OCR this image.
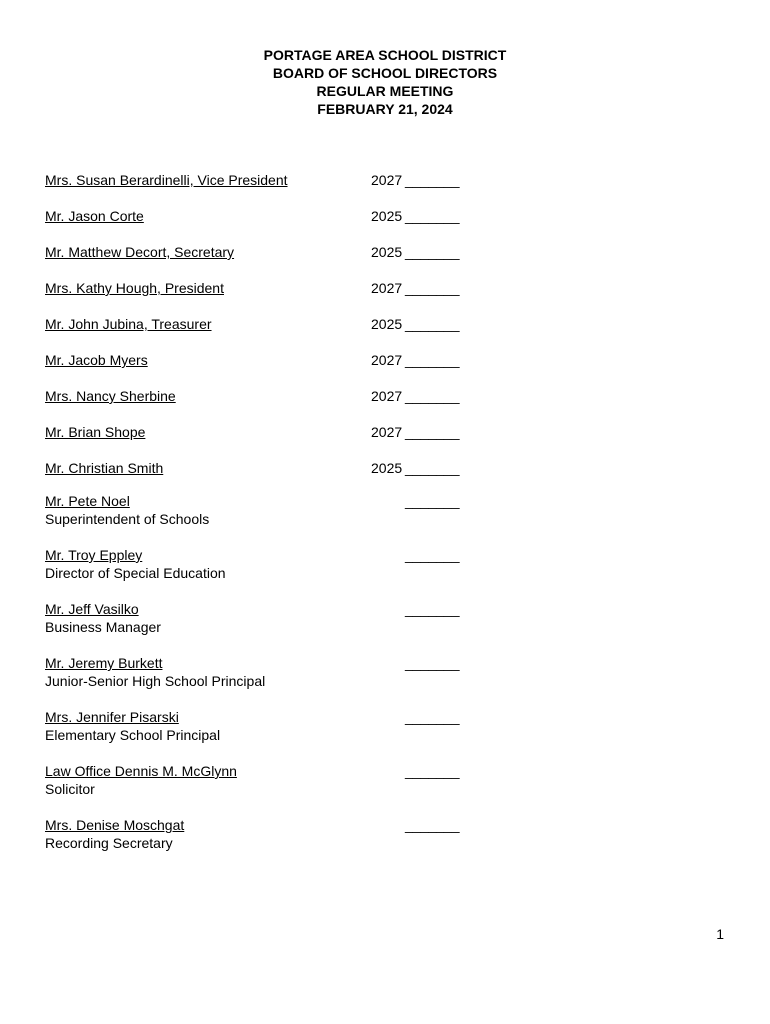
PORTAGE AREA SCHOOL DISTRICT
BOARD OF SCHOOL DIRECTORS
REGULAR MEETING
FEBRUARY 21, 2024
Mrs. Susan Berardinelli, Vice President	2027 _______
Mr. Jason Corte	2025 _______
Mr. Matthew Decort, Secretary	2025 _______
Mrs. Kathy Hough, President	2027 _______
Mr. John Jubina, Treasurer	2025 _______
Mr. Jacob Myers	2027 _______
Mrs. Nancy Sherbine	2027 _______
Mr. Brian Shope	2027 _______
Mr. Christian Smith	2025 _______
Mr. Pete Noel
Superintendent of Schools
_______
Mr. Troy Eppley
Director of Special Education
_______
Mr. Jeff Vasilko
Business Manager
_______
Mr. Jeremy Burkett
Junior-Senior High School Principal
_______
Mrs. Jennifer Pisarski
Elementary School Principal
_______
Law Office Dennis M. McGlynn
Solicitor
_______
Mrs. Denise Moschgat
Recording Secretary
_______
1
